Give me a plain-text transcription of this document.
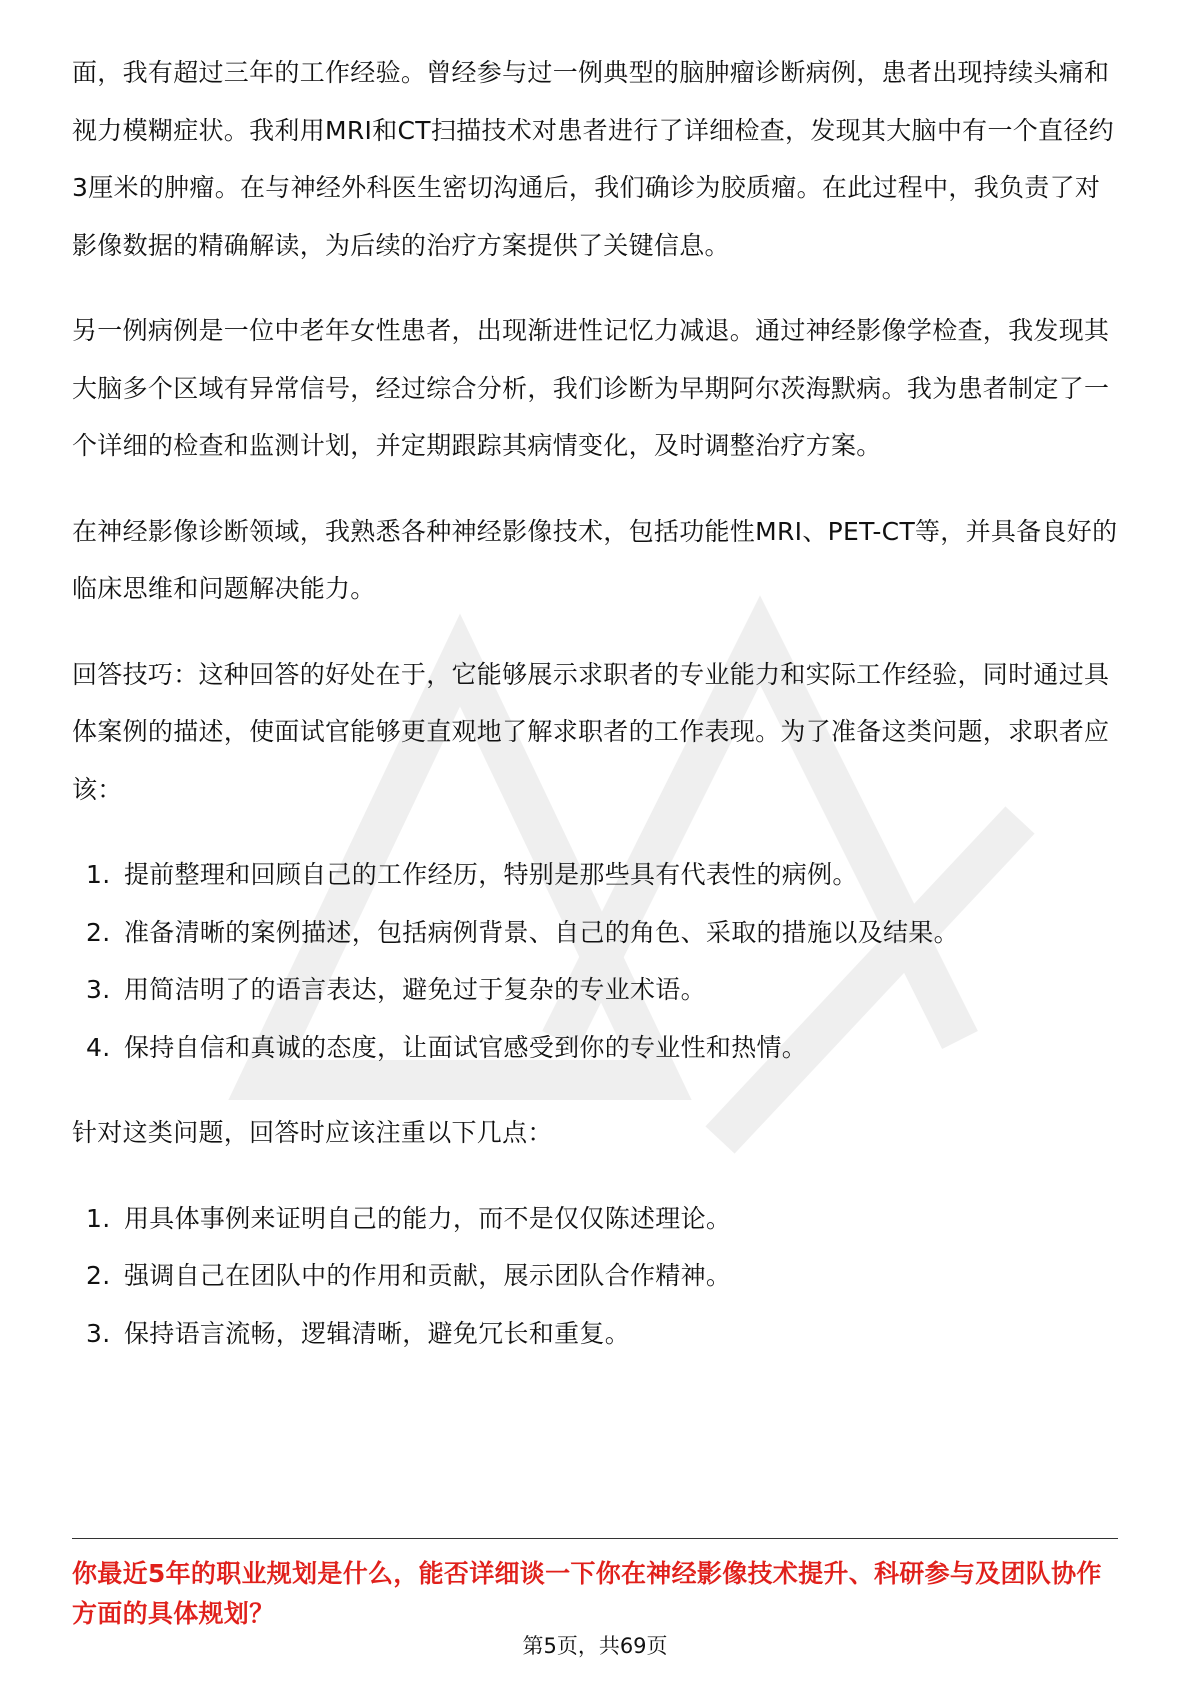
面，我有超过三年的工作经验。曾经参与过一例典型的脑肿瘤诊断病例，患者出现持续头痛和视力模糊症状。我利用MRI和CT扫描技术对患者进行了详细检查，发现其大脑中有一个直径约3厘米的肿瘤。在与神经外科医生密切沟通后，我们确诊为胶质瘤。在此过程中，我负责了对影像数据的精确解读，为后续的治疗方案提供了关键信息。

另一例病例是一位中老年女性患者，出现渐进性记忆力减退。通过神经影像学检查，我发现其大脑多个区域有异常信号，经过综合分析，我们诊断为早期阿尔茨海默病。我为患者制定了一个详细的检查和监测计划，并定期跟踪其病情变化，及时调整治疗方案。

在神经影像诊断领域，我熟悉各种神经影像技术，包括功能性MRI、PET-CT等，并具备良好的临床思维和问题解决能力。

回答技巧：这种回答的好处在于，它能够展示求职者的专业能力和实际工作经验，同时通过具体案例的描述，使面试官能够更直观地了解求职者的工作表现。为了准备这类问题，求职者应该：

1. 提前整理和回顾自己的工作经历，特别是那些具有代表性的病例。
2. 准备清晰的案例描述，包括病例背景、自己的角色、采取的措施以及结果。
3. 用简洁明了的语言表达，避免过于复杂的专业术语。
4. 保持自信和真诚的态度，让面试官感受到你的专业性和热情。

针对这类问题，回答时应该注重以下几点：

1. 用具体事例来证明自己的能力，而不是仅仅陈述理论。
2. 强调自己在团队中的作用和贡献，展示团队合作精神。
3. 保持语言流畅，逻辑清晰，避免冗长和重复。
你最近5年的职业规划是什么，能否详细谈一下你在神经影像技术提升、科研参与及团队协作方面的具体规划？
第5页，共69页
